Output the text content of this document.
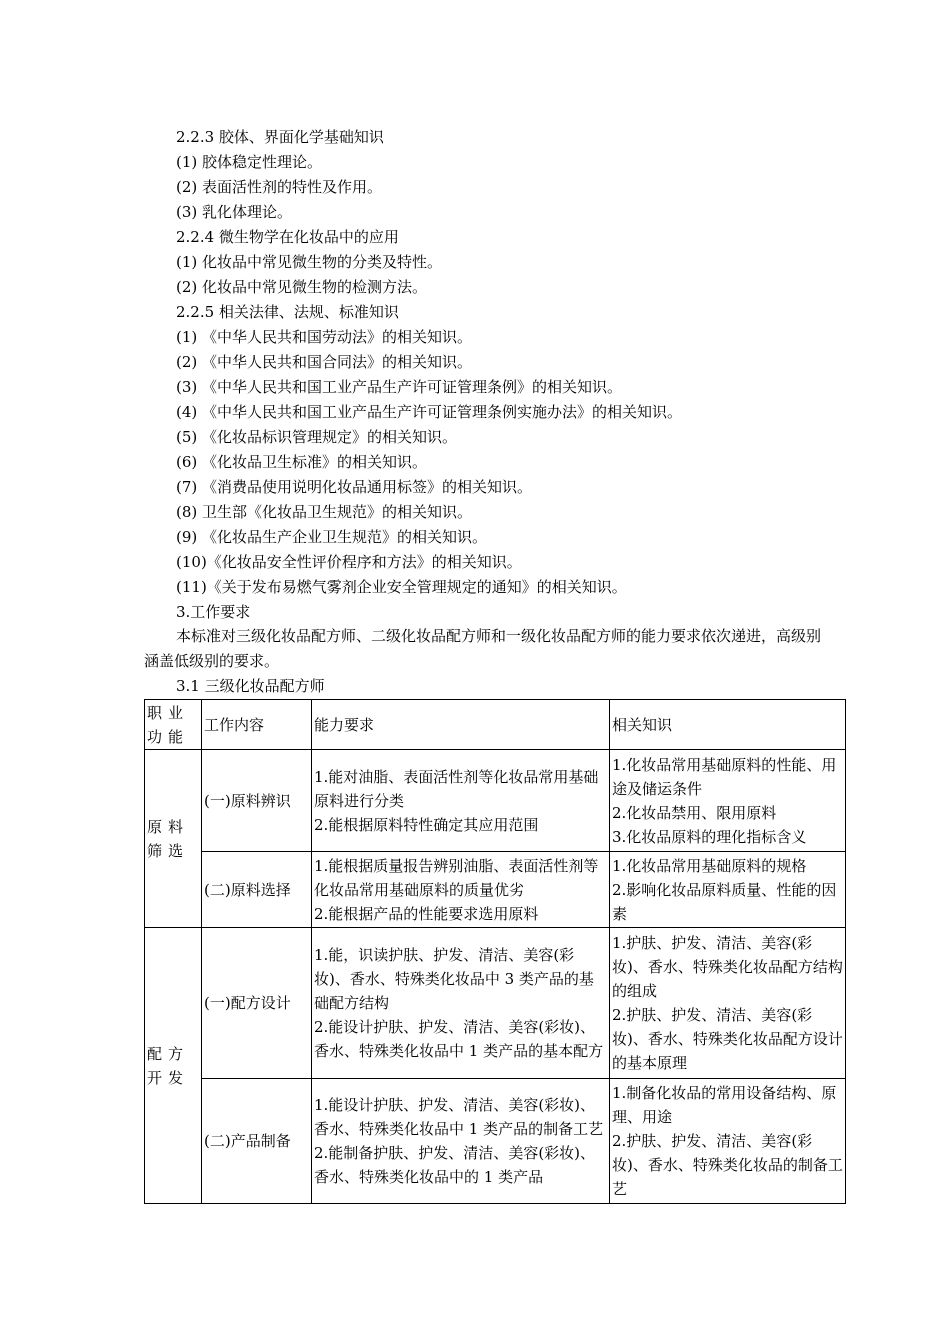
2.2.3 胶体、界面化学基础知识
(1) 胶体稳定性理论。
(2) 表面活性剂的特性及作用。
(3) 乳化体理论。
2.2.4 微生物学在化妆品中的应用
(1) 化妆品中常见微生物的分类及特性。
(2) 化妆品中常见微生物的检测方法。
2.2.5 相关法律、法规、标准知识
(1) 《中华人民共和国劳动法》的相关知识。
(2) 《中华人民共和国合同法》的相关知识。
(3) 《中华人民共和国工业产品生产许可证管理条例》的相关知识。
(4) 《中华人民共和国工业产品生产许可证管理条例实施办法》的相关知识。
(5) 《化妆品标识管理规定》的相关知识。
(6) 《化妆品卫生标准》的相关知识。
(7) 《消费品使用说明化妆品通用标签》的相关知识。
(8) 卫生部《化妆品卫生规范》的相关知识。
(9) 《化妆品生产企业卫生规范》的相关知识。
(10)《化妆品安全性评价程序和方法》的相关知识。
(11)《关于发布易燃气雾剂企业安全管理规定的通知》的相关知识。
3.工作要求
本标准对三级化妆品配方师、二级化妆品配方师和一级化妆品配方师的能力要求依次递进，高级别涵盖低级别的要求。
3.1 三级化妆品配方师
职业功能	工作内容	能力要求	相关知识
原料筛选	(一)原料辨识	1.能对油脂、表面活性剂等化妆品常用基础原料进行分类
2.能根据原料特性确定其应用范围	1.化妆品常用基础原料的性能、用途及储运条件
2.化妆品禁用、限用原料
3.化妆品原料的理化指标含义

	(二)原料选择	1.能根据质量报告辨别油脂、表面活性剂等化妆品常用基础原料的质量优劣
2.能根据产品的性能要求选用原料	1.化妆品常用基础原料的规格
2.影响化妆品原料质量、性能的因素

配方开发	(一)配方设计	1.能，识读护肤、护发、清洁、美容(彩妆)、香水、特殊类化妆品中 3 类产品的基础配方结构
2.能设计护肤、护发、清洁、美容(彩妆)、香水、特殊类化妆品中 1 类产品的基本配方	1.护肤、护发、清洁、美容(彩妆)、香水、特殊类化妆品配方结构的组成
2.护肤、护发、清洁、美容(彩妆)、香水、特殊类化妆品配方设计的基本原理

	(二)产品制备	1.能设计护肤、护发、清洁、美容(彩妆)、香水、特殊类化妆品中 1 类产品的制备工艺
2.能制备护肤、护发、清洁、美容(彩妆)、香水、特殊类化妆品中的 1 类产品	1.制备化妆品的常用设备结构、原理、用途
2.护肤、护发、清洁、美容(彩妆)、香水、特殊类化妆品的制备工艺
